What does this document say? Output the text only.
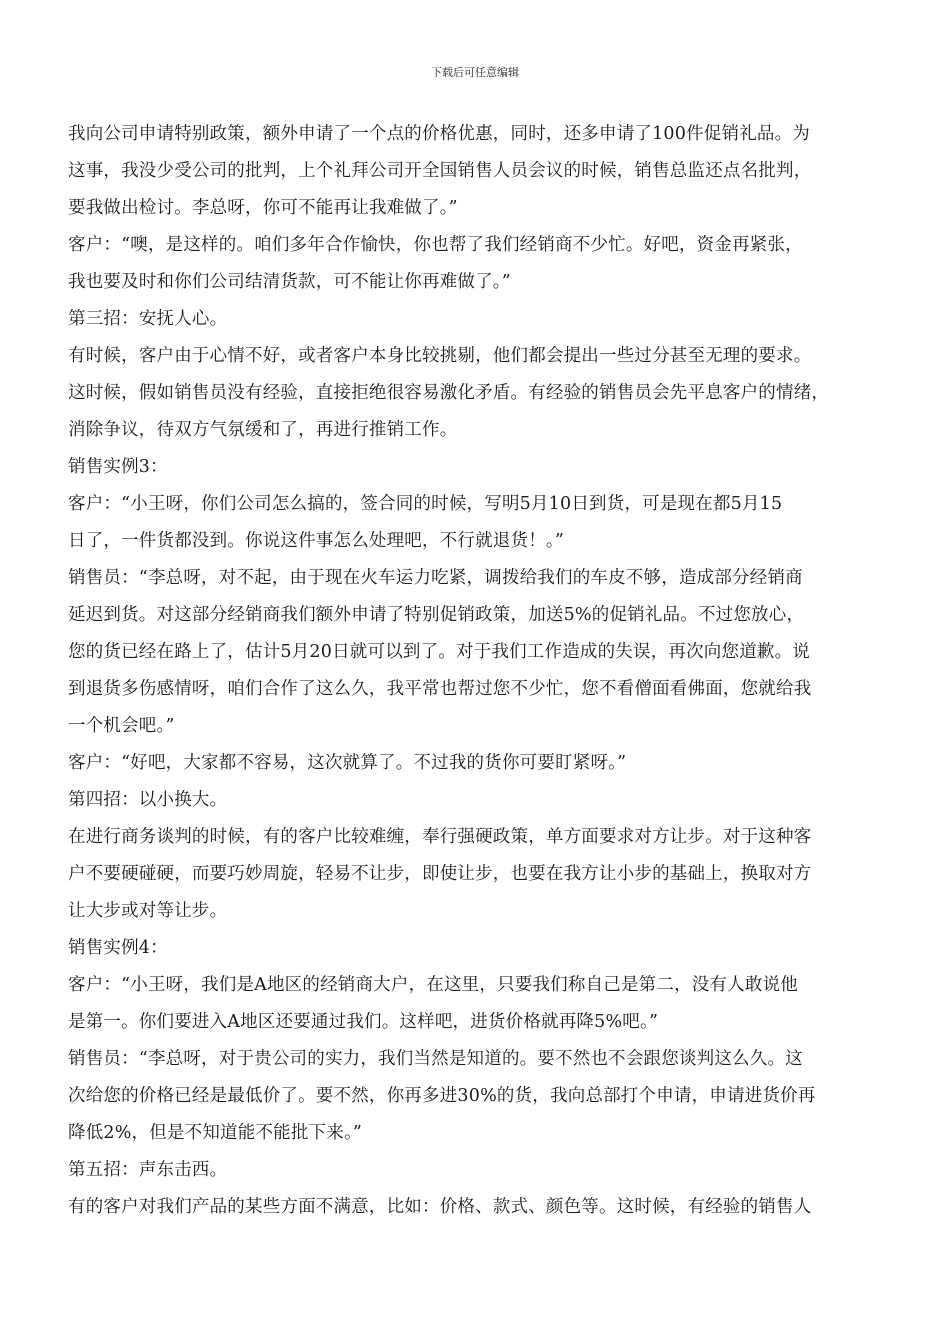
下载后可任意编辑
我向公司申请特别政策，额外申请了一个点的价格优惠，同时，还多申请了100件促销礼品。为
这事，我没少受公司的批判，上个礼拜公司开全国销售人员会议的时候，销售总监还点名批判，
要我做出检讨。李总呀，你可不能再让我难做了。”
客户：“噢，是这样的。咱们多年合作愉快，你也帮了我们经销商不少忙。好吧，资金再紧张，
我也要及时和你们公司结清货款，可不能让你再难做了。”
第三招：安抚人心。
有时候，客户由于心情不好，或者客户本身比较挑剔，他们都会提出一些过分甚至无理的要求。
这时候，假如销售员没有经验，直接拒绝很容易激化矛盾。有经验的销售员会先平息客户的情绪，
消除争议，待双方气氛缓和了，再进行推销工作。
销售实例3：
客户：“小王呀，你们公司怎么搞的，签合同的时候，写明5月10日到货，可是现在都5月15
日了，一件货都没到。你说这件事怎么处理吧，不行就退货！。”
销售员：“李总呀，对不起，由于现在火车运力吃紧，调拨给我们的车皮不够，造成部分经销商
延迟到货。对这部分经销商我们额外申请了特别促销政策，加送5%的促销礼品。不过您放心，
您的货已经在路上了，估计5月20日就可以到了。对于我们工作造成的失误，再次向您道歉。说
到退货多伤感情呀，咱们合作了这么久，我平常也帮过您不少忙，您不看僧面看佛面，您就给我
一个机会吧。”
客户：“好吧，大家都不容易，这次就算了。不过我的货你可要盯紧呀。”
第四招：以小换大。
在进行商务谈判的时候，有的客户比较难缠，奉行强硬政策，单方面要求对方让步。对于这种客
户不要硬碰硬，而要巧妙周旋，轻易不让步，即使让步，也要在我方让小步的基础上，换取对方
让大步或对等让步。
销售实例4：
客户：“小王呀，我们是A地区的经销商大户，在这里，只要我们称自己是第二，没有人敢说他
是第一。你们要进入A地区还要通过我们。这样吧，进货价格就再降5%吧。”
销售员：“李总呀，对于贵公司的实力，我们当然是知道的。要不然也不会跟您谈判这么久。这
次给您的价格已经是最低价了。要不然，你再多进30%的货，我向总部打个申请，申请进货价再
降低2%，但是不知道能不能批下来。”
第五招：声东击西。
有的客户对我们产品的某些方面不满意，比如：价格、款式、颜色等。这时候，有经验的销售人
